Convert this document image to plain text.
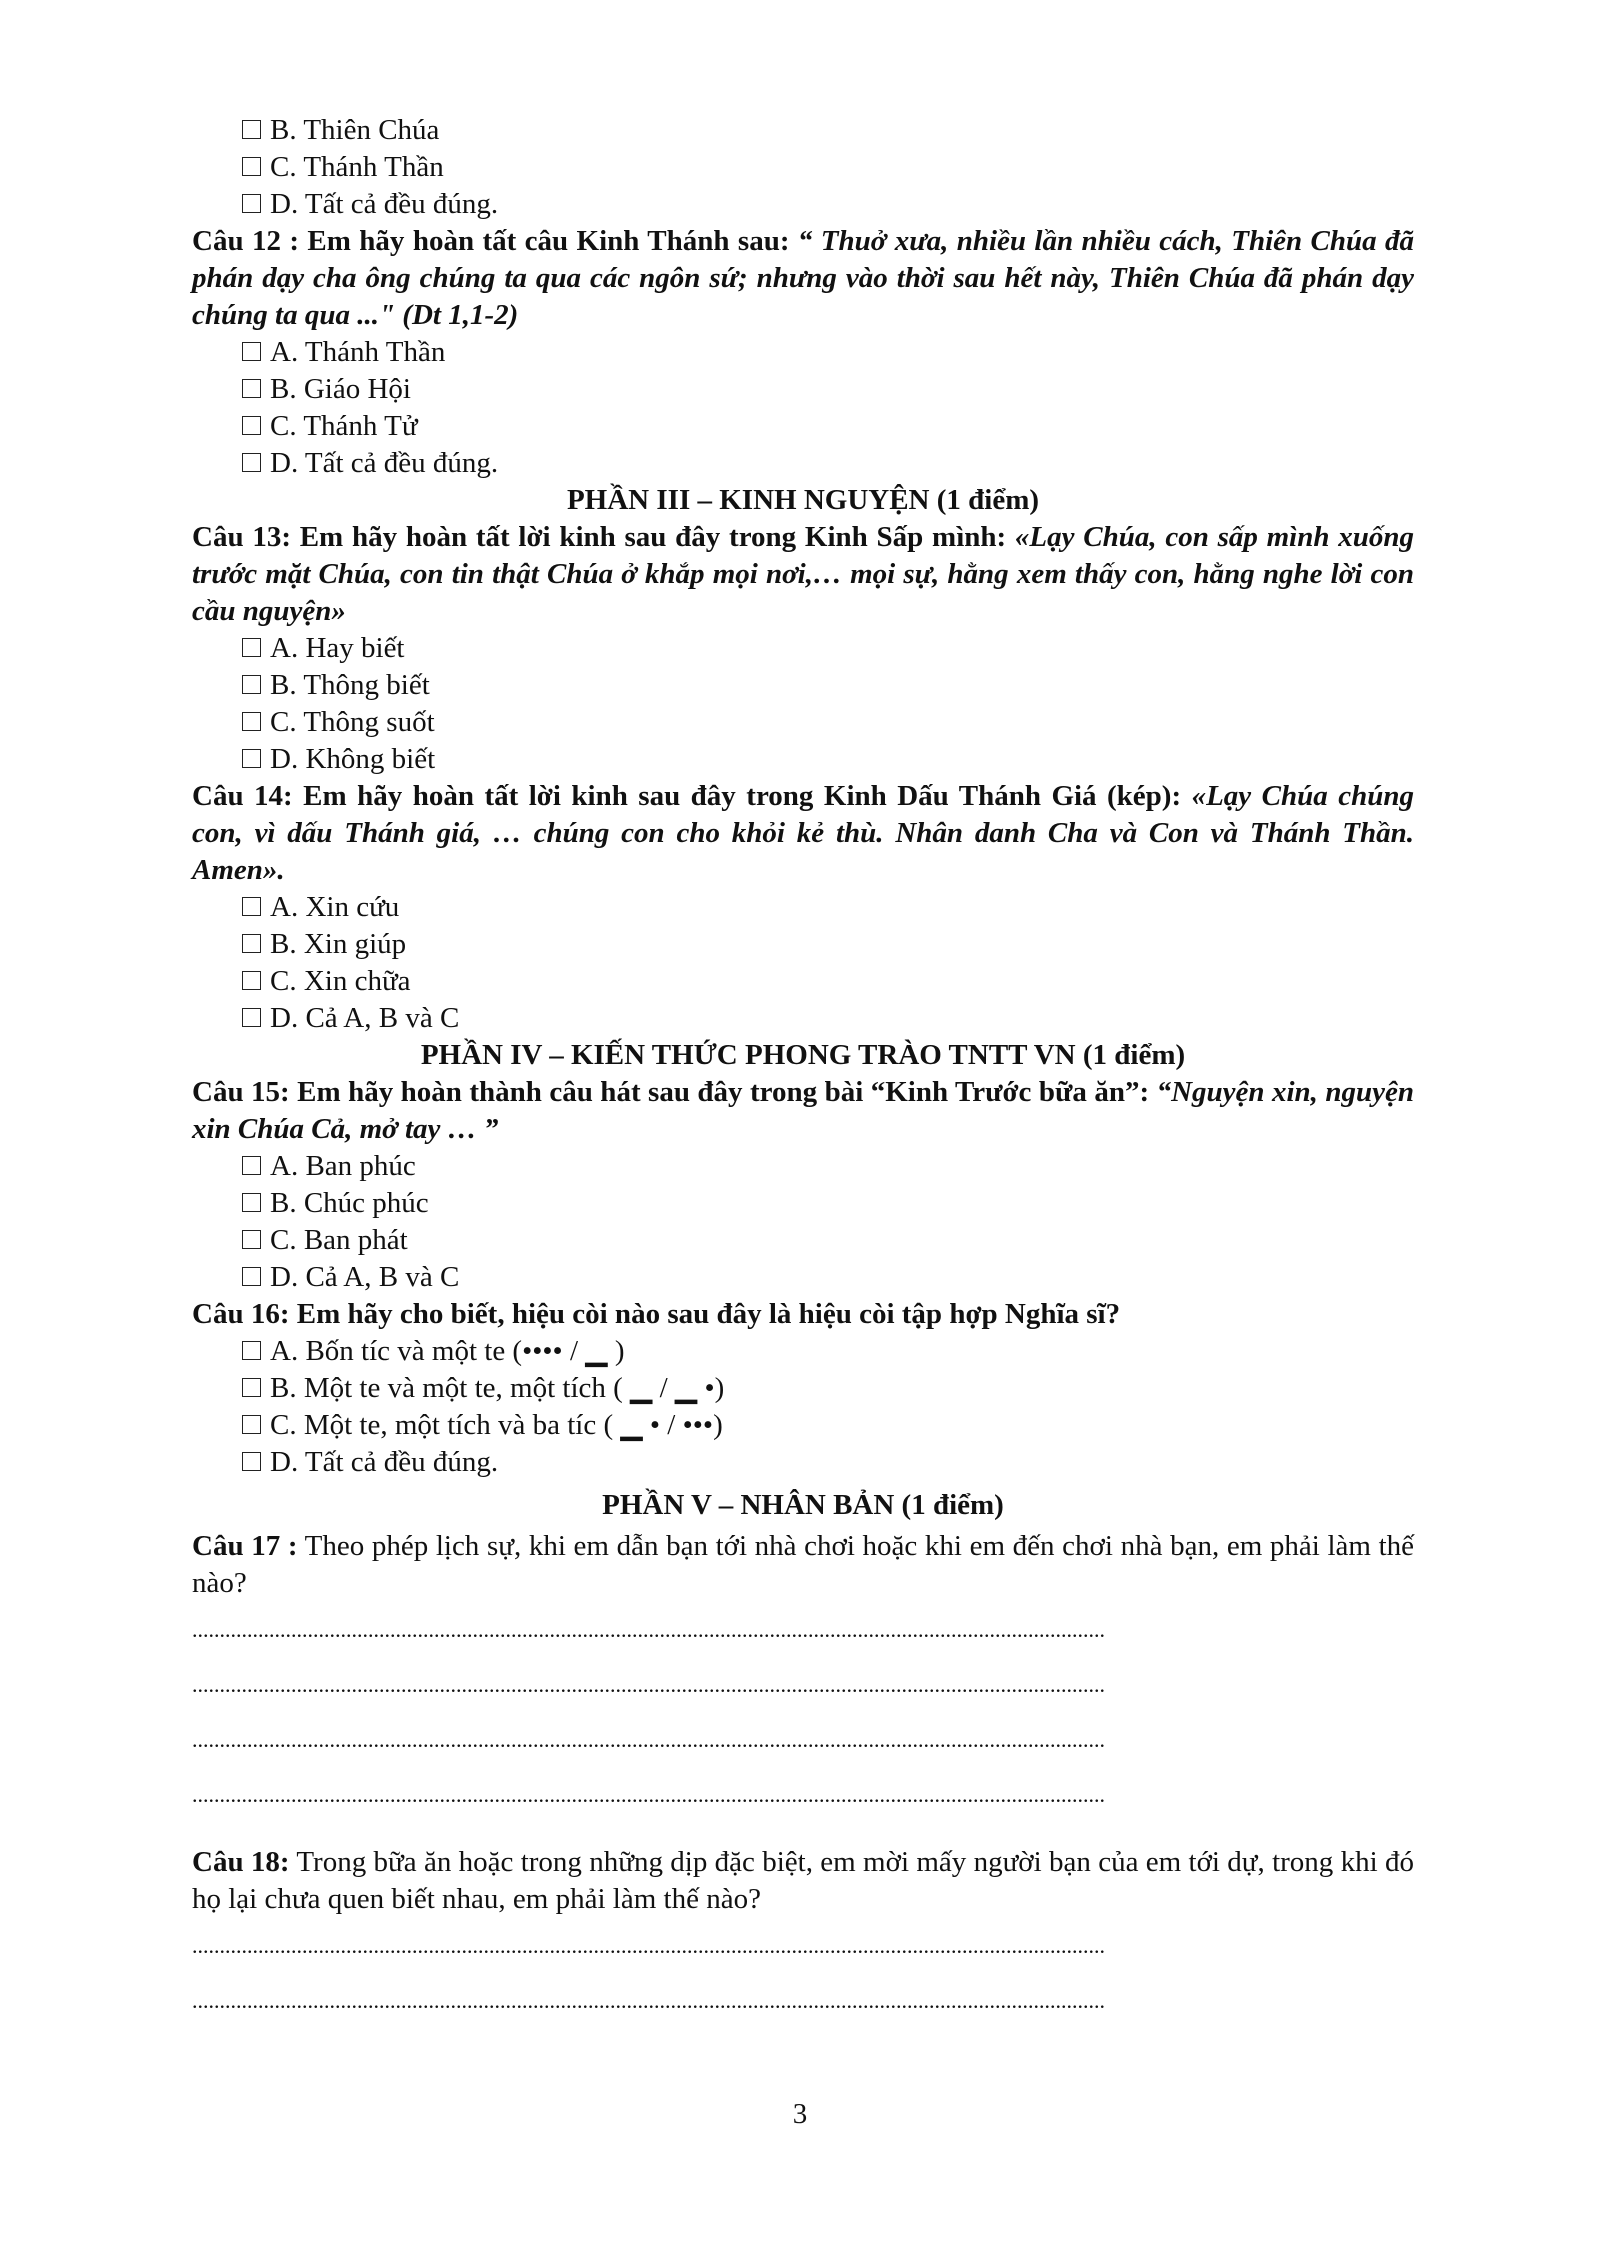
B. Thiên Chúa
C. Thánh Thần
D. Tất cả đều đúng.
Câu 12 : Em hãy hoàn tất câu Kinh Thánh sau: “ Thuở xưa, nhiều lần nhiều cách, Thiên Chúa đã phán dạy cha ông chúng ta qua các ngôn sứ; nhưng vào thời sau hết này, Thiên Chúa đã phán dạy chúng ta qua ..." (Dt 1,1-2)
A. Thánh Thần
B. Giáo Hội
C. Thánh Tử
D. Tất cả đều đúng.
PHẦN III – KINH NGUYỆN (1 điểm)
Câu 13: Em hãy hoàn tất lời kinh sau đây trong Kinh Sấp mình: «Lạy Chúa, con sấp mình xuống trước mặt Chúa, con tin thật Chúa ở khắp mọi nơi,… mọi sự, hằng xem thấy con, hằng nghe lời con cầu nguyện»
A. Hay biết
B. Thông biết
C. Thông suốt
D. Không biết
Câu 14: Em hãy hoàn tất lời kinh sau đây trong Kinh Dấu Thánh Giá (kép): «Lạy Chúa chúng con, vì dấu Thánh giá, … chúng con cho khỏi kẻ thù. Nhân danh Cha và Con và Thánh Thần. Amen».
A. Xin cứu
B. Xin giúp
C. Xin chữa
D. Cả A, B và C
PHẦN IV – KIẾN THỨC PHONG TRÀO TNTT VN (1 điểm)
Câu 15: Em hãy hoàn thành câu hát sau đây trong bài “Kinh Trước bữa ăn”: “Nguyện xin, nguyện xin Chúa Cả, mở tay … ”
A. Ban phúc
B. Chúc phúc
C. Ban phát
D. Cả A, B và C
Câu 16: Em hãy cho biết, hiệu còi nào sau đây là hiệu còi tập hợp Nghĩa sĩ?
A. Bốn tíc và một te (•••• / ▁ )
B. Một te và một te, một tích ( ▁ / ▁ •)
C. Một te, một tích và ba tíc ( ▁ • / •••)
D. Tất cả đều đúng.
PHẦN V – NHÂN BẢN (1 điểm)
Câu 17 : Theo phép lịch sự, khi em dẫn bạn tới nhà chơi hoặc khi em đến chơi nhà bạn, em phải làm thế nào?
......................................................................................................................................................................
......................................................................................................................................................................
......................................................................................................................................................................
......................................................................................................................................................................
Câu 18: Trong bữa ăn hoặc trong những dịp đặc biệt, em mời mấy người bạn của em tới dự, trong khi đó họ lại chưa quen biết nhau, em phải làm thế nào?
......................................................................................................................................................................
......................................................................................................................................................................
3
